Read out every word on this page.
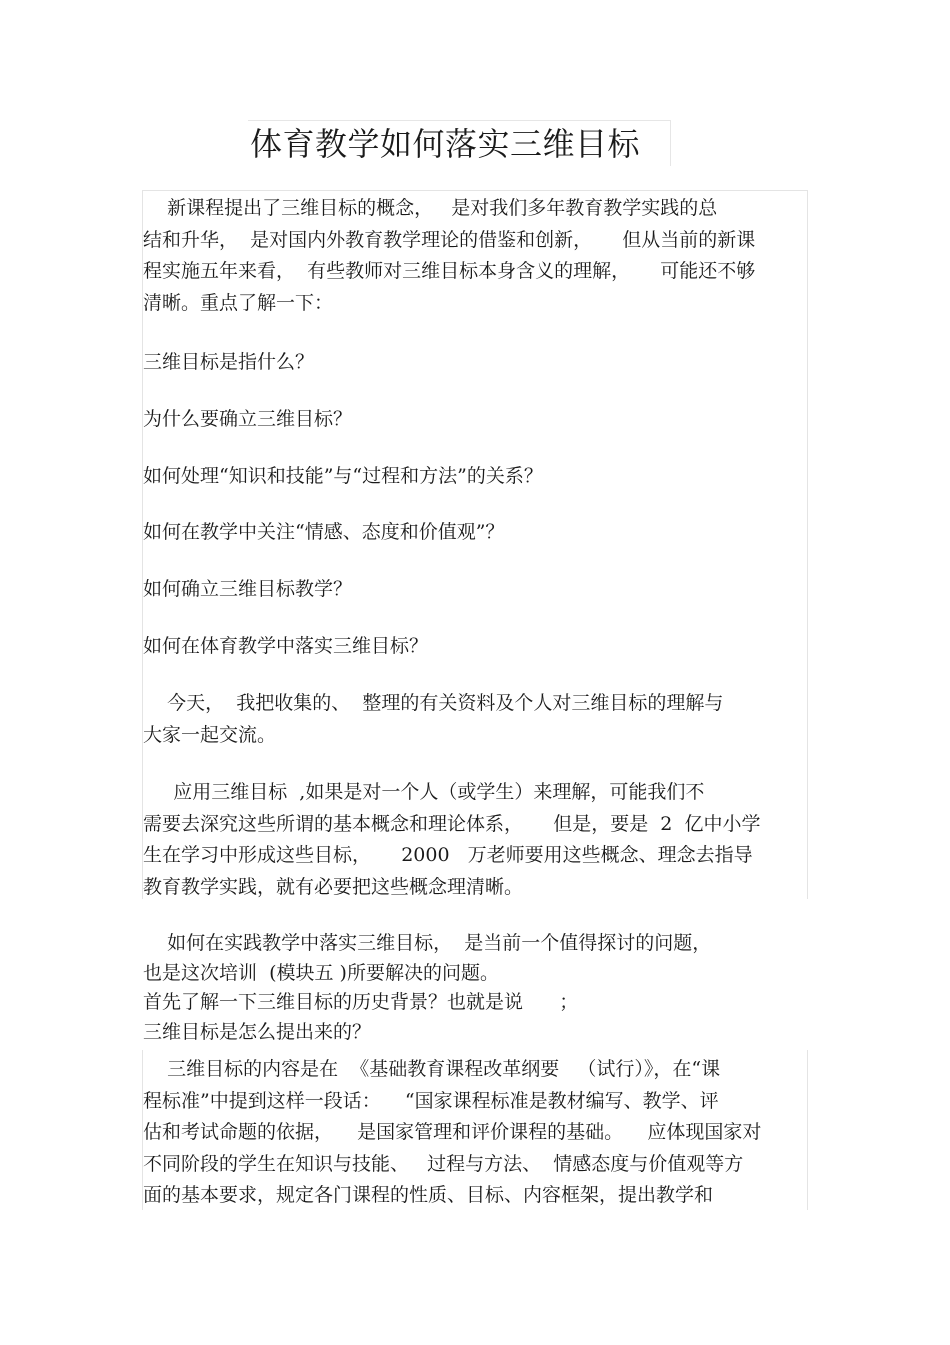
体育教学如何落实三维目标
新课程提出了三维目标的概念，   是对我们多年教育教学实践的总
结和升华，  是对国内外教育教学理论的借鉴和创新，     但从当前的新课
程实施五年来看，  有些教师对三维目标本身含义的理解，     可能还不够
清晰。重点了解一下：
三维目标是指什么？
为什么要确立三维目标？
如何处理“知识和技能”与“过程和方法”的关系？
如何在教学中关注“情感、态度和价值观”？
如何确立三维目标教学？
如何在体育教学中落实三维目标？
今天，  我把收集的、  整理的有关资料及个人对三维目标的理解与
大家一起交流。
应用三维目标  ,如果是对一个人（或学生）来理解，可能我们不
需要去深究这些所谓的基本概念和理论体系，     但是，要是  2  亿中小学
生在学习中形成这些目标，     2000   万老师要用这些概念、理念去指导
教育教学实践，就有必要把这些概念理清晰。
如何在实践教学中落实三维目标，  是当前一个值得探讨的问题，
也是这次培训  (模块五 )所要解决的问题。
首先了解一下三维目标的历史背景？也就是说      ；
三维目标是怎么提出来的？
三维目标的内容是在  《基础教育课程改革纲要   （试行）》，在“课
程标准”中提到这样一段话：    “国家课程标准是教材编写、教学、评
估和考试命题的依据，    是国家管理和评价课程的基础。    应体现国家对
不同阶段的学生在知识与技能、   过程与方法、  情感态度与价值观等方
面的基本要求，规定各门课程的性质、目标、内容框架，提出教学和
